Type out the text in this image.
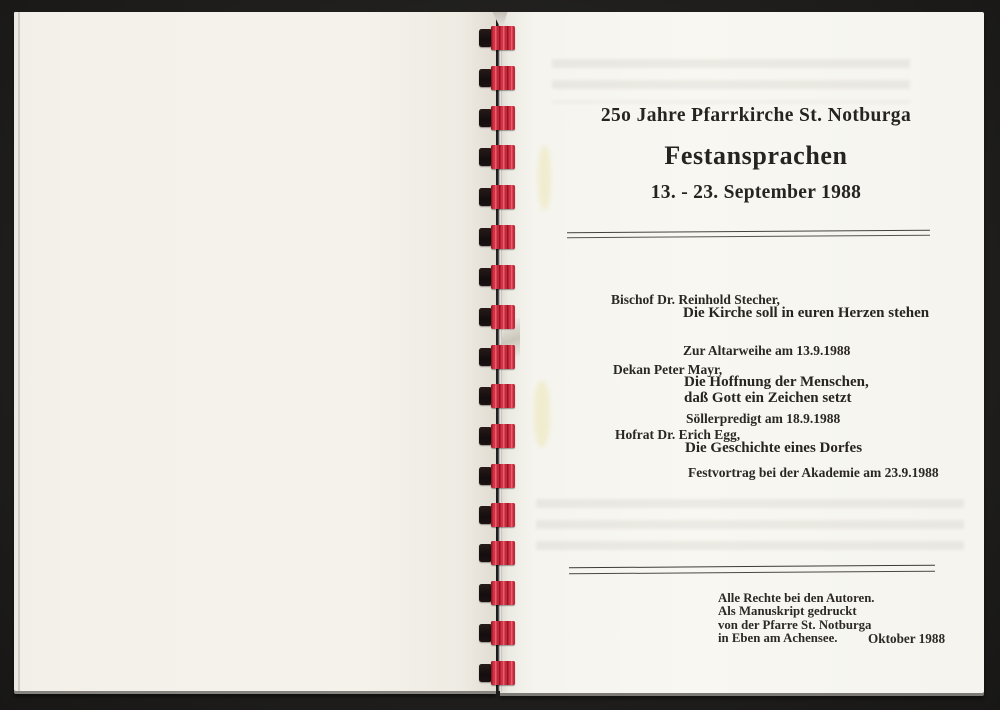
25o Jahre Pfarrkirche St. Notburga
Festansprachen
13. - 23. September 1988
Bischof Dr. Reinhold Stecher,
Die Kirche soll in euren Herzen stehen
Zur Altarweihe am 13.9.1988
Dekan Peter Mayr,
Die Hoffnung der Menschen,
daß Gott ein Zeichen setzt
Söllerpredigt am 18.9.1988
Hofrat Dr. Erich Egg,
Die Geschichte eines Dorfes
Festvortrag bei der Akademie am 23.9.1988
Alle Rechte bei den Autoren.
Als Manuskript gedruckt
von der Pfarre St. Notburga
in Eben am Achensee.	Oktober 1988
